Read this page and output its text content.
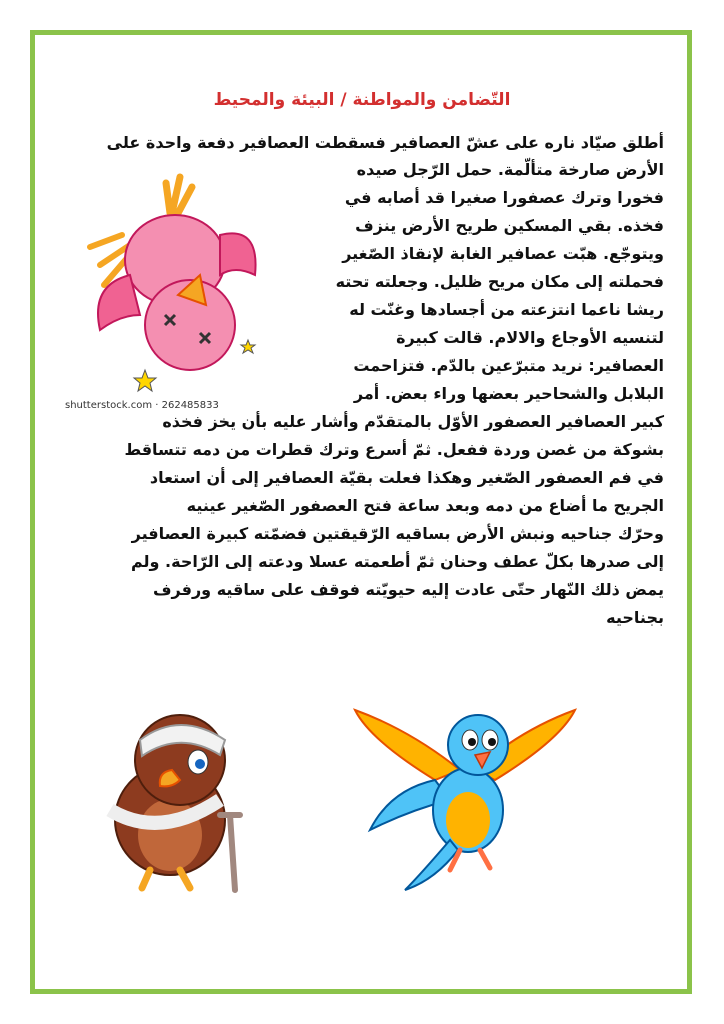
التّضامن والمواطنة / البيئة والمحيط
أطلق صيّاد ناره على عشّ العصافير فسقطت العصافير دفعة واحدة على
الأرض صارخة متألّمة. حمل الرّجل صيده
فخورا وترك عصفورا صغيرا قد أصابه في
فخذه. بقي المسكين طريح الأرض ينزف
ويتوجّع. هبّت عصافير الغابة لإنقاذ الصّغير
فحملته إلى مكان مريح ظليل. وجعلته تحته
ريشا ناعما انتزعته من أجسادها وغنّت له
لتنسيه الأوجاع والالام. قالت كبيرة
العصافير: نريد متبرّعين بالدّم. فتزاحمت
البلابل والشحاحير بعضها وراء بعض. أمر
كبير العصافير العصفور الأوّل بالمتقدّم وأشار عليه بأن يخز فخذه
بشوكة من غصن وردة ففعل. ثمّ أسرع وترك قطرات من دمه تتساقط
في فم العصفور الصّغير وهكذا فعلت بقيّة العصافير إلى أن استعاد
الجريح ما أضاع من دمه وبعد ساعة فتح العصفور الصّغير عينيه
وحرّك جناحيه ونبش الأرض بساقيه الرّقيقتين فضمّته كبيرة العصافير
إلى صدرها بكلّ عطف وحنان ثمّ أطعمته عسلا ودعته إلى الرّاحة. ولم
يمض ذلك النّهار حتّى عادت إليه حيويّته فوقف على ساقيه ورفرف
بجناحيه
shutterstock.com · 262485833
